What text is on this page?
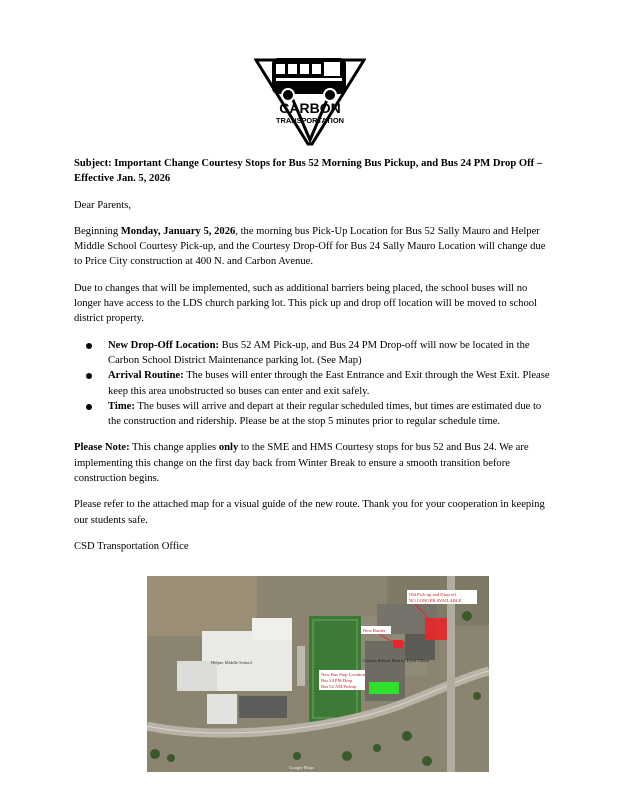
CARBON
TRANSPORTATION

Subject: Important Change Courtesy Stops for Bus 52 Morning Bus Pickup, and Bus 24 PM Drop Off – Effective Jan. 5, 2026

Dear Parents,

Beginning Monday, January 5, 2026, the morning bus Pick-Up Location for Bus 52 Sally Mauro and Helper Middle School Courtesy Pick-up, and the Courtesy Drop-Off for Bus 24 Sally Mauro Location will change due to Price City construction at 400 N. and Carbon Avenue.

Due to changes that will be implemented, such as additional barriers being placed, the school buses will no longer have access to the LDS church parking lot. This pick up and drop off location will be moved to school district property.

New Drop-Off Location: Bus 52 AM Pick-up, and Bus 24 PM Drop-off will now be located in the Carbon School District Maintenance parking lot. (See Map)
Arrival Routine: The buses will enter through the East Entrance and Exit through the West Exit. Please keep this area unobstructed so buses can enter and exit safely.
Time: The buses will arrive and depart at their regular scheduled times, but times are estimated due to the construction and ridership. Please be at the stop 5 minutes prior to regular schedule time.

Please Note: This change applies only to the SME and HMS Courtesy stops for bus 52 and Bus 24. We are implementing this change on the first day back from Winter Break to ensure a smooth transition before construction begins.

Please refer to the attached map for a visual guide of the new route. Thank you for your cooperation in keeping our students safe.

CSD Transportation Office

Old Pick-up and Drop off
NO LONGER AVAILABLE
New Barrier
New Bus Stop Location
Bus 24 PM Drop
Bus 52 AM Pickup
Helper Middle School	Carbon School District Field Office
Google Maps
